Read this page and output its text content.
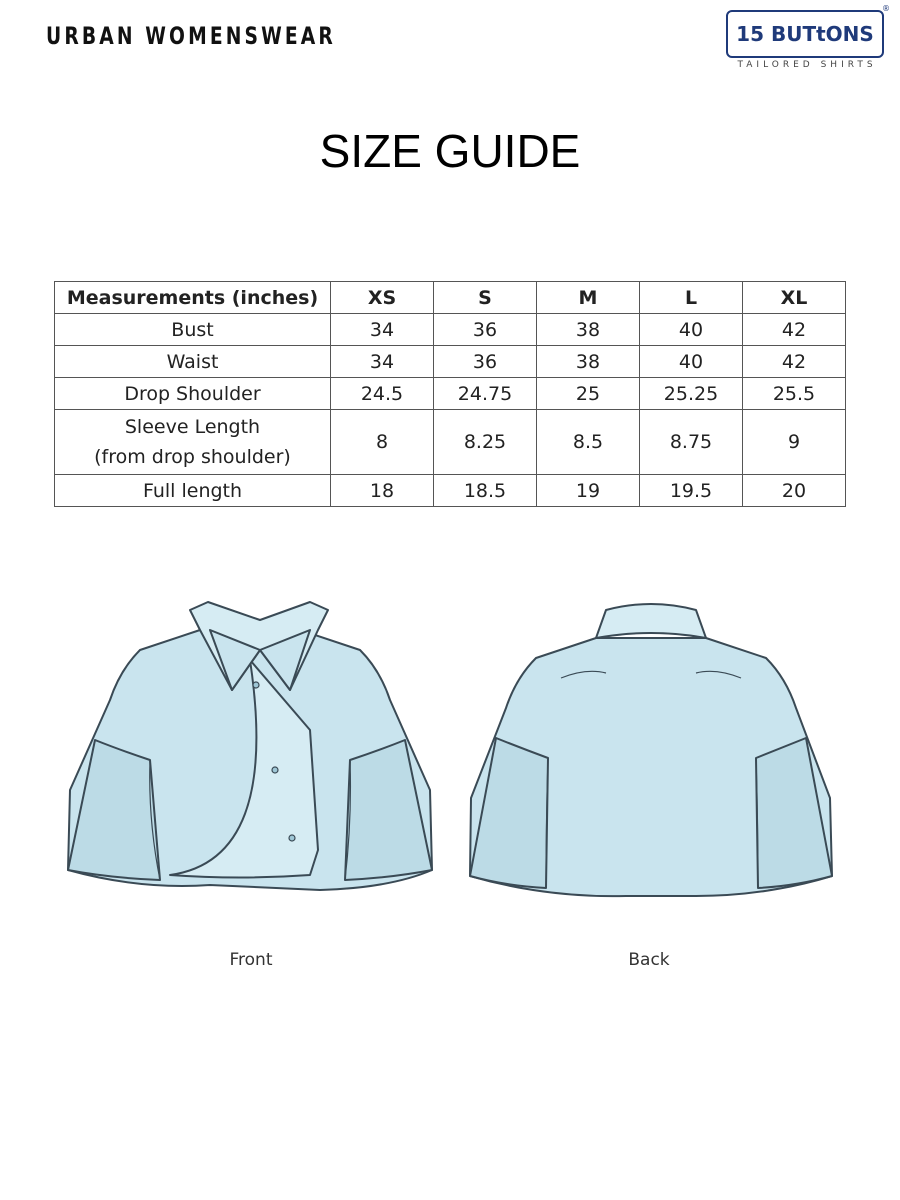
URBAN WOMENSWEAR	15 BUTtONS
®
TAILORED SHIRTS
SIZE GUIDE
Measurements (inches)	XS	S	M	L	XL
Bust	34	36	38	40	42
Waist	34	36	38	40	42
Drop Shoulder	24.5	24.75	25	25.25	25.5

Sleeve Length
(from drop shoulder)	8	8.25	8.5	8.75	9
Full length	18	18.5	19	19.5	20
Front	Back
